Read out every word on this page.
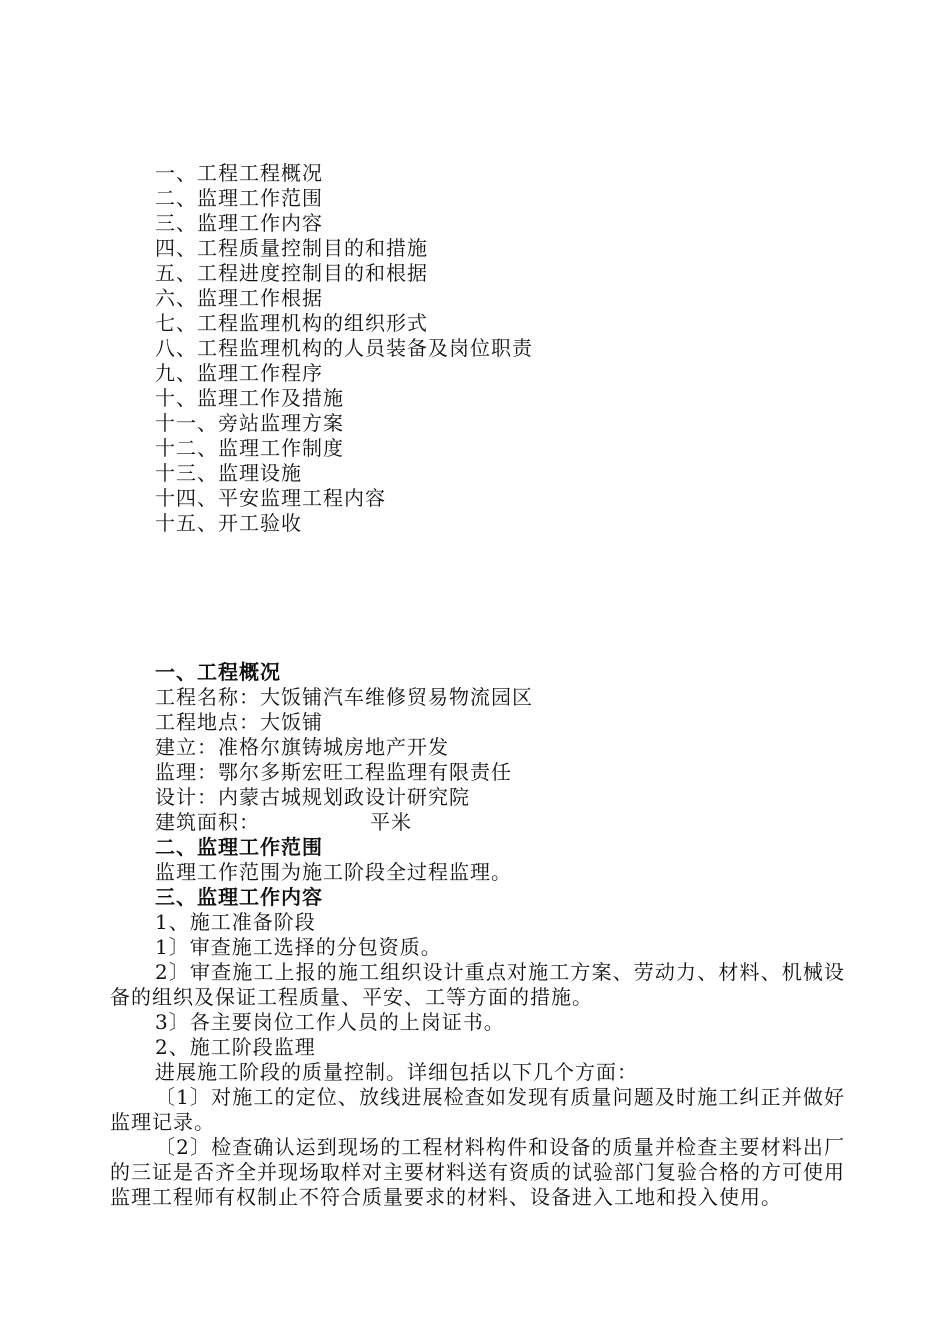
一、工程工程概况
二、监理工作范围
三、监理工作内容
四、工程质量控制目的和措施
五、工程进度控制目的和根据
六、监理工作根据
七、工程监理机构的组织形式
八、工程监理机构的人员装备及岗位职责
九、监理工作程序
十、监理工作及措施
十一、旁站监理方案
十二、监理工作制度
十三、监理设施
十四、平安监理工程内容
十五、开工验收
一、工程概况
工程名称：大饭铺汽车维修贸易物流园区
工程地点：大饭铺
建立：准格尔旗铸城房地产开发
监理：鄂尔多斯宏旺工程监理有限责任
设计：内蒙古城规划政设计研究院
建筑面积：	平米
二、监理工作范围
监理工作范围为施工阶段全过程监理。
三、监理工作内容
1、施工准备阶段
1〕审查施工选择的分包资质。
2〕审查施工上报的施工组织设计重点对施工方案、劳动力、材料、机械设备的组织及保证工程质量、平安、工等方面的措施。
3〕各主要岗位工作人员的上岗证书。
2、施工阶段监理
进展施工阶段的质量控制。详细包括以下几个方面：
〔1〕对施工的定位、放线进展检查如发现有质量问题及时施工纠正并做好监理记录。
〔2〕检查确认运到现场的工程材料构件和设备的质量并检查主要材料出厂的三证是否齐全并现场取样对主要材料送有资质的试验部门复验合格的方可使用监理工程师有权制止不符合质量要求的材料、设备进入工地和投入使用。
